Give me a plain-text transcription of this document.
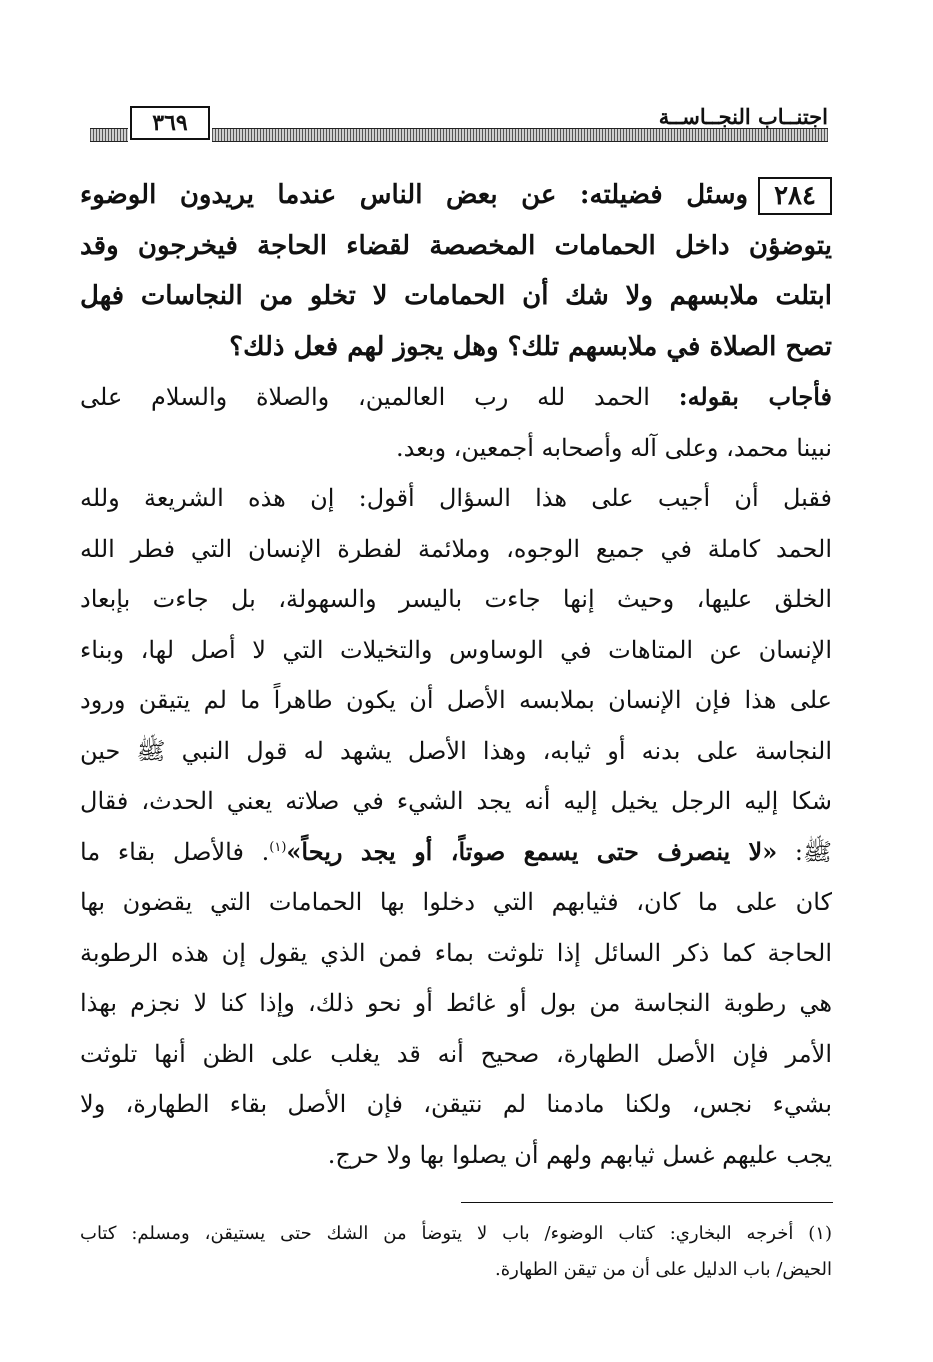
٣٦٩	اجتنــاب النجــاســة
٢٨٤وسئل فضيلته: عن بعض الناس عندما يريدون الوضوء
يتوضؤن داخل الحمامات المخصصة لقضاء الحاجة فيخرجون وقد
ابتلت ملابسهم ولا شك أن الحمامات لا تخلو من النجاسات فهل
تصح الصلاة في ملابسهم تلك؟ وهل يجوز لهم فعل ذلك؟
فأجاب بقوله: الحمد لله رب العالمين، والصلاة والسلام على
نبينا محمد، وعلى آله وأصحابه أجمعين، وبعد.
فقبل أن أجيب على هذا السؤال أقول: إن هذه الشريعة ولله
الحمد كاملة في جميع الوجوه، وملائمة لفطرة الإنسان التي فطر الله
الخلق عليها، وحيث إنها جاءت باليسر والسهولة، بل جاءت بإبعاد
الإنسان عن المتاهات في الوساوس والتخيلات التي لا أصل لها، وبناء
على هذا فإن الإنسان بملابسه الأصل أن يكون طاهراً ما لم يتيقن ورود
النجاسة على بدنه أو ثيابه، وهذا الأصل يشهد له قول النبي ﷺ حين
شكا إليه الرجل يخيل إليه أنه يجد الشيء في صلاته يعني الحدث، فقال
ﷺ: «لا ينصرف حتى يسمع صوتاً، أو يجد ريحاً»$^{(١)}$. فالأصل بقاء ما
كان على ما كان، فثيابهم التي دخلوا بها الحمامات التي يقضون بها
الحاجة كما ذكر السائل إذا تلوثت بماء فمن الذي يقول إن هذه الرطوبة
هي رطوبة النجاسة من بول أو غائط أو نحو ذلك، وإذا كنا لا نجزم بهذا
الأمر فإن الأصل الطهارة، صحيح أنه قد يغلب على الظن أنها تلوثت
بشيء نجس، ولكنا مادمنا لم نتيقن، فإن الأصل بقاء الطهارة، ولا
يجب عليهم غسل ثيابهم ولهم أن يصلوا بها ولا حرج.
(١) أخرجه البخاري: كتاب الوضوء/ باب لا يتوضأ من الشك حتى يستيقن، ومسلم: كتاب
الحيض/ باب الدليل على أن من تيقن الطهارة.
